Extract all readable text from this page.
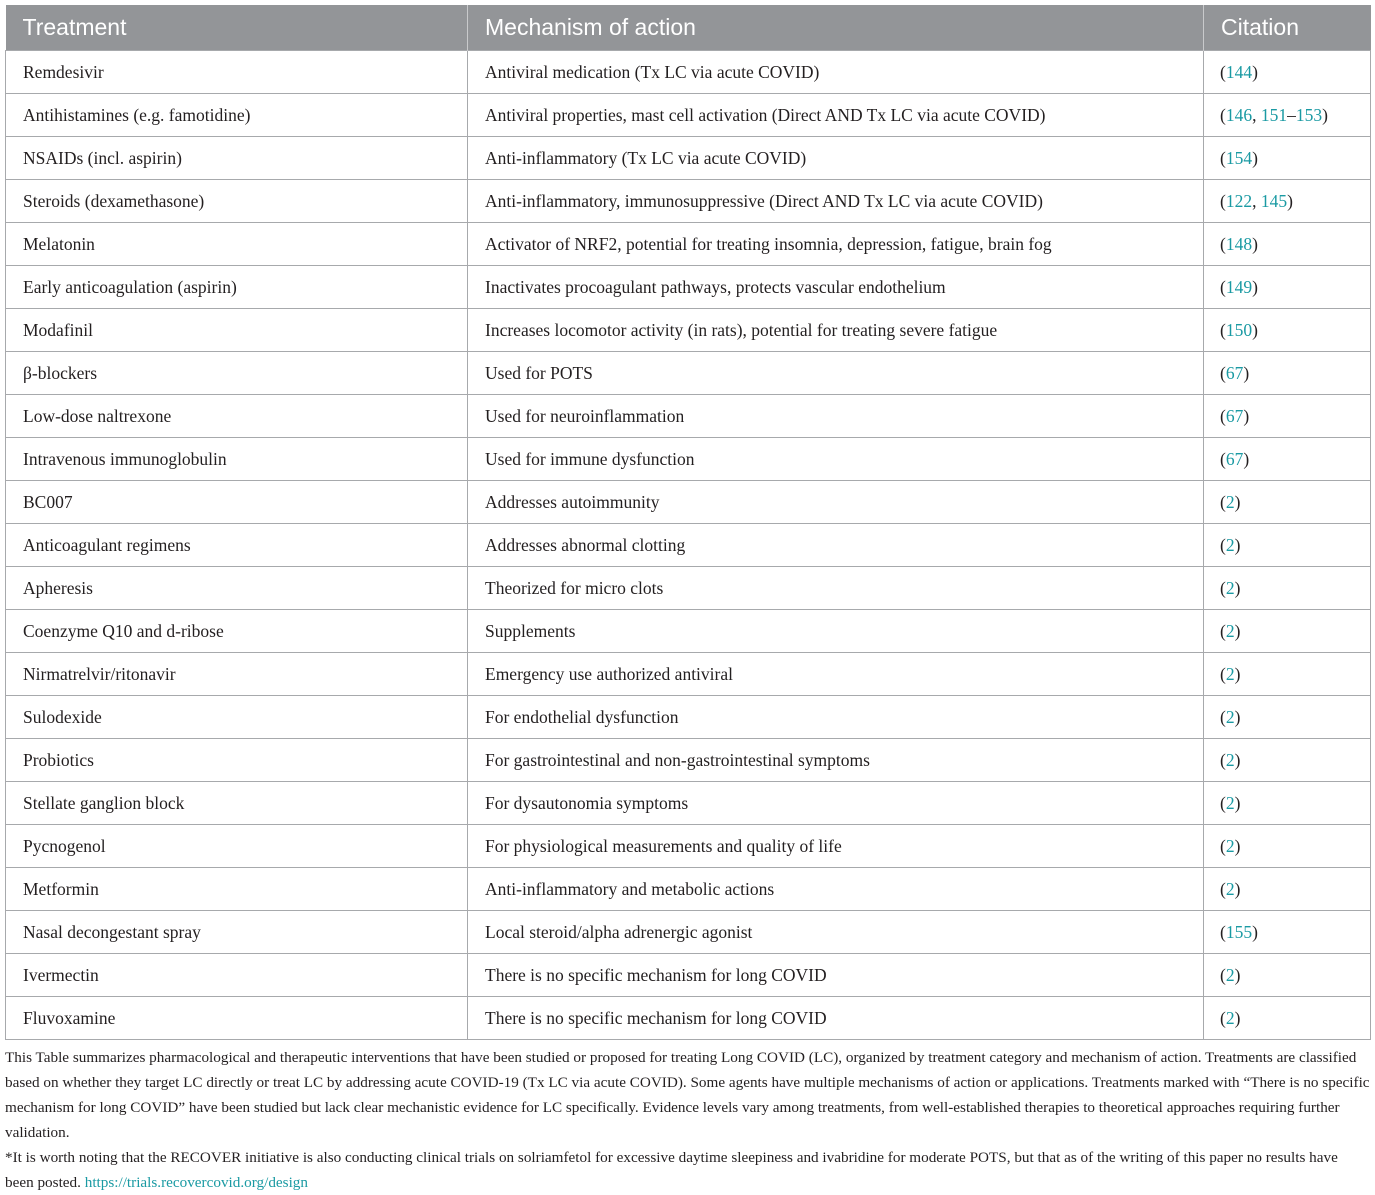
Treatment	Mechanism of action	Citation
Remdesivir	Antiviral medication (Tx LC via acute COVID)	(144)
Antihistamines (e.g. famotidine)	Antiviral properties, mast cell activation (Direct AND Tx LC via acute COVID)	(146, 151–153)
NSAIDs (incl. aspirin)	Anti-inflammatory (Tx LC via acute COVID)	(154)
Steroids (dexamethasone)	Anti-inflammatory, immunosuppressive (Direct AND Tx LC via acute COVID)	(122, 145)
Melatonin	Activator of NRF2, potential for treating insomnia, depression, fatigue, brain fog	(148)
Early anticoagulation (aspirin)	Inactivates procoagulant pathways, protects vascular endothelium	(149)
Modafinil	Increases locomotor activity (in rats), potential for treating severe fatigue	(150)
β-blockers	Used for POTS	(67)
Low-dose naltrexone	Used for neuroinflammation	(67)
Intravenous immunoglobulin	Used for immune dysfunction	(67)
BC007	Addresses autoimmunity	(2)
Anticoagulant regimens	Addresses abnormal clotting	(2)
Apheresis	Theorized for micro clots	(2)
Coenzyme Q10 and d-ribose	Supplements	(2)
Nirmatrelvir/ritonavir	Emergency use authorized antiviral	(2)
Sulodexide	For endothelial dysfunction	(2)
Probiotics	For gastrointestinal and non-gastrointestinal symptoms	(2)
Stellate ganglion block	For dysautonomia symptoms	(2)
Pycnogenol	For physiological measurements and quality of life	(2)
Metformin	Anti-inflammatory and metabolic actions	(2)
Nasal decongestant spray	Local steroid/alpha adrenergic agonist	(155)
Ivermectin	There is no specific mechanism for long COVID	(2)
Fluvoxamine	There is no specific mechanism for long COVID	(2)

This Table summarizes pharmacological and therapeutic interventions that have been studied or proposed for treating Long COVID (LC), organized by treatment category and mechanism of action. Treatments are classified based on whether they target LC directly or treat LC by addressing acute COVID-19 (Tx LC via acute COVID). Some agents have multiple mechanisms of action or applications. Treatments marked with “There is no specific mechanism for long COVID” have been studied but lack clear mechanistic evidence for LC specifically. Evidence levels vary among treatments, from well-established therapies to theoretical approaches requiring further validation.

*It is worth noting that the RECOVER initiative is also conducting clinical trials on solriamfetol for excessive daytime sleepiness and ivabridine for moderate POTS, but that as of the writing of this paper no results have been posted. https://trials.recovercovid.org/design
